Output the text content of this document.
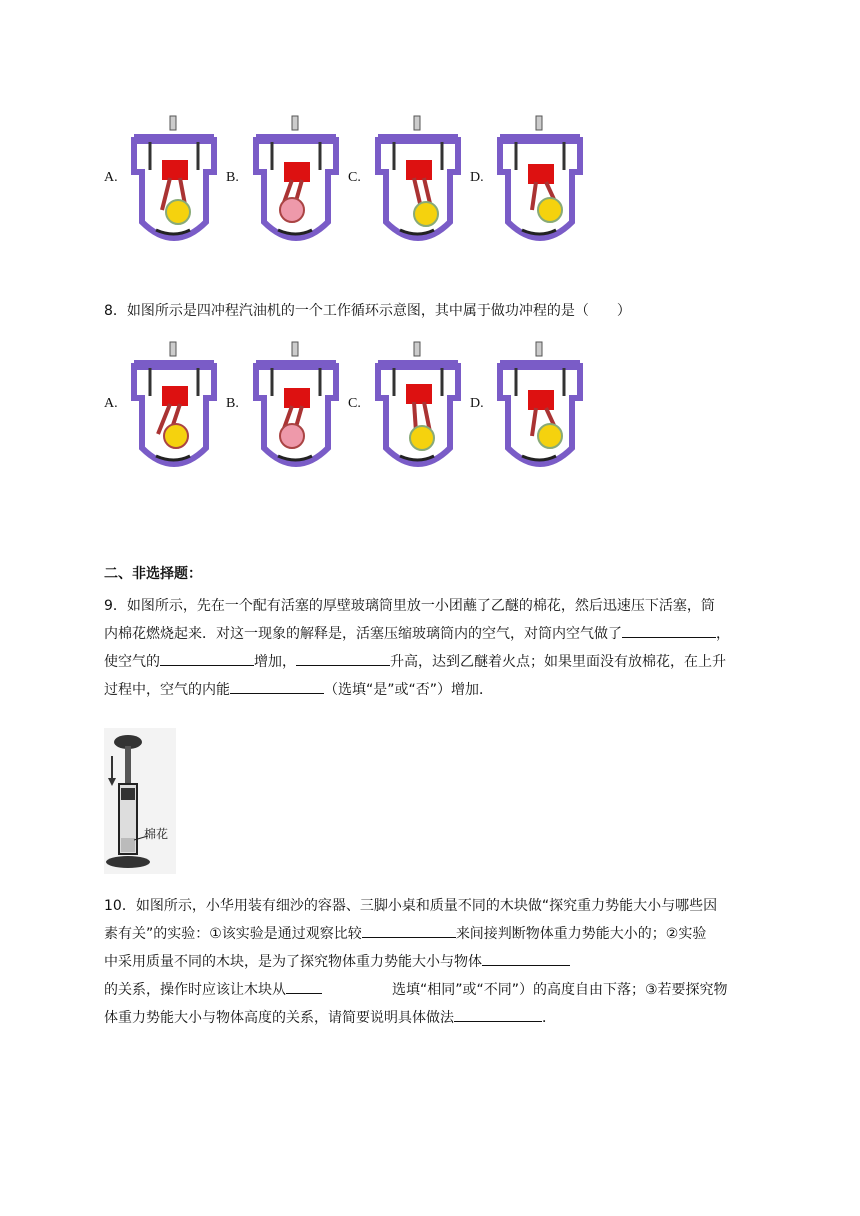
A.	B.	C.	D.
8．如图所示是四冲程汽油机的一个工作循环示意图，其中属于做功冲程的是（　　）
A.	B.	C.	D.
二、非选择题：
9．如图所示，先在一个配有活塞的厚壁玻璃筒里放一小团蘸了乙醚的棉花，然后迅速压下活塞，筒
内棉花燃烧起来．对这一现象的解释是，活塞压缩玻璃筒内的空气，对筒内空气做了	，
使空气的	增加，	升高，达到乙醚着火点；如果里面没有放棉花，在上升
过程中，空气的内能	（选填“是”或“否”）增加．
棉花
10．如图所示，小华用装有细沙的容器、三脚小桌和质量不同的木块做“探究重力势能大小与哪些因
素有关”的实验：①该实验是通过观察比较	来间接判断物体重力势能大小的；②实验
中采用质量不同的木块，是为了探究物体重力势能大小与物体
的关系，操作时应该让木块从	选填“相同”或“不同”）的高度自由下落；③若要探究物
体重力势能大小与物体高度的关系，请简要说明具体做法	．
